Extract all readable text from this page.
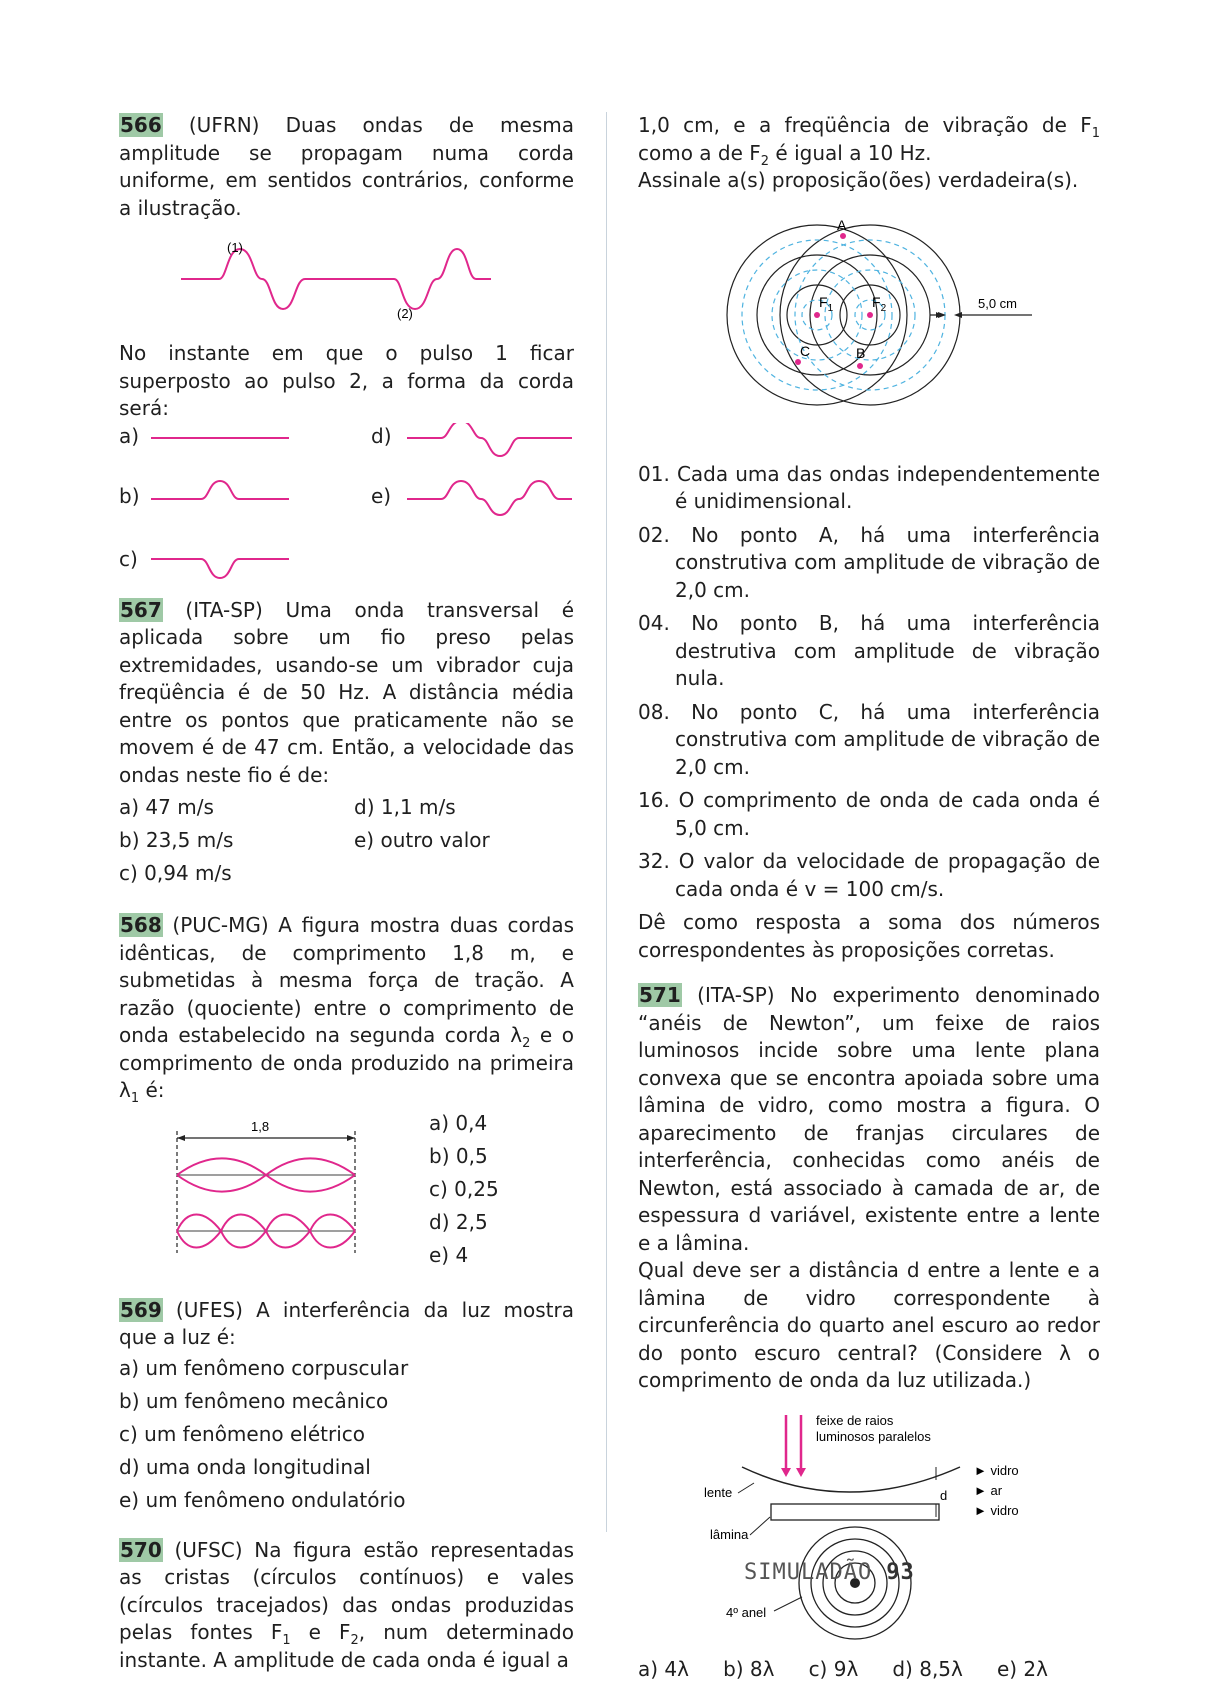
566 (UFRN) Duas ondas de mesma amplitude se propagam numa corda uniforme, em sentidos contrários, conforme a ilustração.

(1)
(2)

No instante em que o pulso 1 ficar superposto ao pulso 2, a forma da corda será:

a)
b)
c)
d)
e)

567 (ITA-SP) Uma onda transversal é aplicada sobre um fio preso pelas extremidades, usando-se um vibrador cuja freqüência é de 50 Hz. A distância média entre os pontos que praticamente não se movem é de 47 cm. Então, a velocidade das ondas neste fio é de:

a) 47 m/s	d) 1,1 m/s

b) 23,5 m/s	e) outro valor

c) 0,94 m/s

568 (PUC-MG) A figura mostra duas cordas idênticas, de comprimento 1,8 m, e submetidas à mesma força de tração. A razão (quociente) entre o comprimento de onda estabelecido na segunda corda $\lambda_2$ e o comprimento de onda produzido na primeira $\lambda_1$ é:

1,8	a) 0,4

b) 0,5

c) 0,25

d) 2,5

e) 4

569 (UFES) A interferência da luz mostra que a luz é:

a) um fenômeno corpuscular

b) um fenômeno mecânico

c) um fenômeno elétrico

d) uma onda longitudinal

e) um fenômeno ondulatório

570 (UFSC) Na figura estão representadas as cristas (círculos contínuos) e vales (círculos tracejados) das ondas produzidas pelas fontes $F_1$ e $F_2$, num determinado instante. A amplitude de cada onda é igual a

1,0 cm, e a freqüência de vibração de $F_1$ como a de $F_2$ é igual a 10 Hz.

Assinale a(s) proposição(ões) verdadeira(s).

A
B
C
$F_1$	$F_2$	5,0 cm

01. Cada uma das ondas independentemente é unidimensional.

02. No ponto A, há uma interferência construtiva com amplitude de vibração de 2,0 cm.

04. No ponto B, há uma interferência destrutiva com amplitude de vibração nula.

08. No ponto C, há uma interferência construtiva com amplitude de vibração de 2,0 cm.

16. O comprimento de onda de cada onda é 5,0 cm.

32. O valor da velocidade de propagação de cada onda é v = 100 cm/s.

Dê como resposta a soma dos números correspondentes às proposições corretas.

571 (ITA-SP) No experimento denominado “anéis de Newton”, um feixe de raios luminosos incide sobre uma lente plana convexa que se encontra apoiada sobre uma lâmina de vidro, como mostra a figura. O aparecimento de franjas circulares de interferência, conhecidas como anéis de Newton, está associado à camada de ar, de espessura d variável, existente entre a lente e a lâmina.

Qual deve ser a distância d entre a lente e a lâmina de vidro correspondente à circunferência do quarto anel escuro ao redor do ponto escuro central? (Considere λ o comprimento de onda da luz utilizada.)

feixe de raios
luminosos paralelos
lente
lâmina
d
► vidro
► ar
► vidro
4º anel
a) 4λ b) 8λ c) 9λ d) 8,5λ e) 2λ
SIMULADÃO 93
